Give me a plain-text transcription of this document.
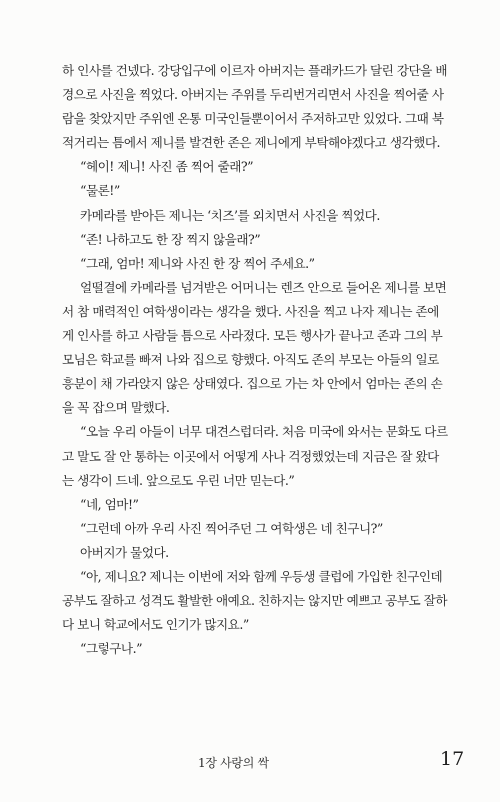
하 인사를 건넸다. 강당입구에 이르자 아버지는 플래카드가 달린 강단을 배
경으로 사진을 찍었다. 아버지는 주위를 두리번거리면서 사진을 찍어줄 사
람을 찾았지만 주위엔 온통 미국인들뿐이어서 주저하고만 있었다. 그때 북
적거리는 틈에서 제니를 발견한 존은 제니에게 부탁해야겠다고 생각했다.
“헤이! 제니! 사진 좀 찍어 줄래?”
“물론!”
카메라를 받아든 제니는 ‘치즈’를 외치면서 사진을 찍었다.
“존! 나하고도 한 장 찍지 않을래?”
“그래, 엄마! 제니와 사진 한 장 찍어 주세요.”
얼떨결에 카메라를 넘겨받은 어머니는 렌즈 안으로 들어온 제니를 보면
서 참 매력적인 여학생이라는 생각을 했다. 사진을 찍고 나자 제니는 존에
게 인사를 하고 사람들 틈으로 사라졌다. 모든 행사가 끝나고 존과 그의 부
모님은 학교를 빠져 나와 집으로 향했다. 아직도 존의 부모는 아들의 일로
흥분이 채 가라앉지 않은 상태였다. 집으로 가는 차 안에서 엄마는 존의 손
을 꼭 잡으며 말했다.
“오늘 우리 아들이 너무 대견스럽더라. 처음 미국에 와서는 문화도 다르
고 말도 잘 안 통하는 이곳에서 어떻게 사나 걱정했었는데 지금은 잘 왔다
는 생각이 드네. 앞으로도 우린 너만 믿는다.”
“네, 엄마!”
“그런데 아까 우리 사진 찍어주던 그 여학생은 네 친구니?”
아버지가 물었다.
“아, 제니요? 제니는 이번에 저와 함께 우등생 클럽에 가입한 친구인데
공부도 잘하고 성격도 활발한 애예요. 친하지는 않지만 예쁘고 공부도 잘하
다 보니 학교에서도 인기가 많지요.”
“그렇구나.”
1장 사랑의 싹	17
